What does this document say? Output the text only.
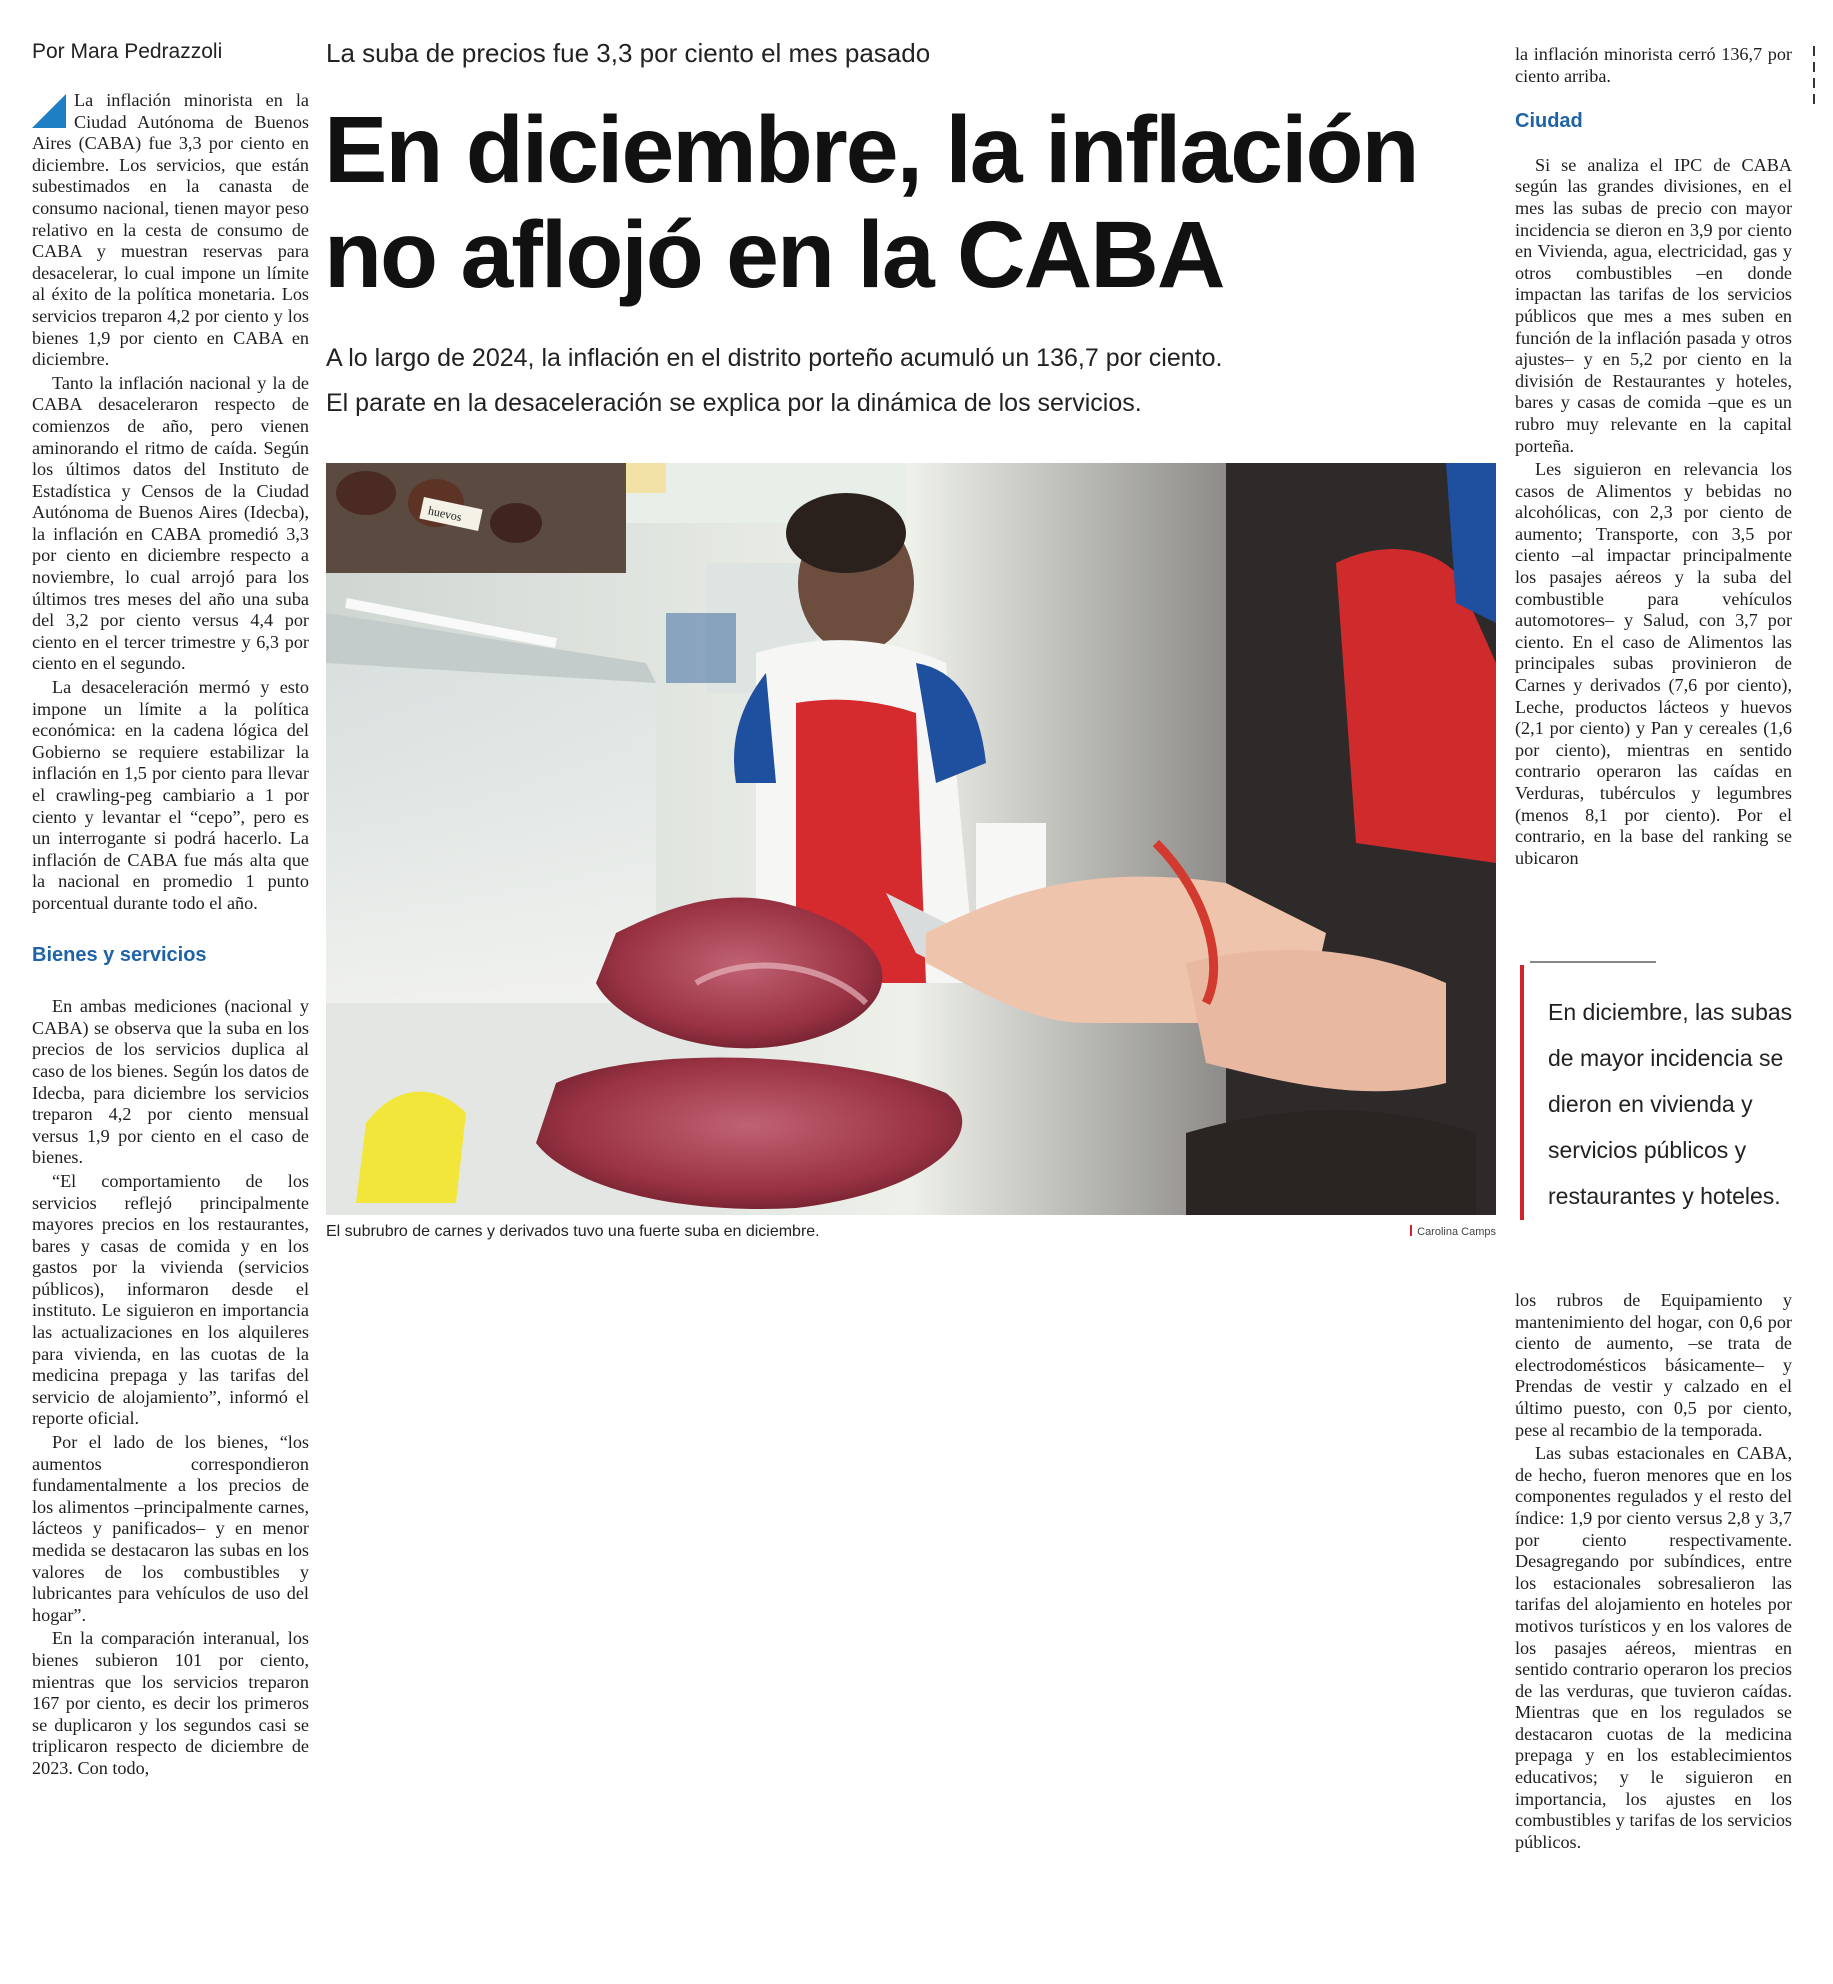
Por Mara Pedrazzoli	La suba de precios fue 3,3 por ciento el mes pasado
En diciembre, la inflación no aflojó en la CABA
A lo largo de 2024, la inflación en el distrito porteño acumuló un 136,7 por ciento.
El parate en la desaceleración se explica por la dinámica de los servicios.

La inflación minorista en la Ciudad Autónoma de Buenos Aires (CABA) fue 3,3 por ciento en diciembre. Los servicios, que están subestimados en la canasta de consumo nacional, tienen mayor peso relativo en la cesta de consumo de CABA y muestran reservas para desacelerar, lo cual impone un límite al éxito de la política monetaria. Los servicios treparon 4,2 por ciento y los bienes 1,9 por ciento en CABA en diciembre.

Tanto la inflación nacional y la de CABA desaceleraron respecto de comienzos de año, pero vienen aminorando el ritmo de caída. Según los últimos datos del Instituto de Estadística y Censos de la Ciudad Autónoma de Buenos Aires (Idecba), la inflación en CABA promedió 3,3 por ciento en diciembre respecto a noviembre, lo cual arrojó para los últimos tres meses del año una suba del 3,2 por ciento versus 4,4 por ciento en el tercer trimestre y 6,3 por ciento en el segundo.

La desaceleración mermó y esto impone un límite a la política económica: en la cadena lógica del Gobierno se requiere estabilizar la inflación en 1,5 por ciento para llevar el crawling-peg cambiario a 1 por ciento y levantar el “cepo”, pero es un interrogante si podrá hacerlo. La inflación de CABA fue más alta que la nacional en promedio 1 punto porcentual durante todo el año.

Bienes y servicios

En ambas mediciones (nacional y CABA) se observa que la suba en los precios de los servicios duplica al caso de los bienes. Según los datos de Idecba, para diciembre los servicios treparon 4,2 por ciento mensual versus 1,9 por ciento en el caso de bienes.

“El comportamiento de los servicios reflejó principalmente mayores precios en los restaurantes, bares y casas de comida y en los gastos por la vivienda (servicios públicos), informaron desde el instituto. Le siguieron en importancia las actualizaciones en los alquileres para vivienda, en las cuotas de la medicina prepaga y las tarifas del servicio de alojamiento”, informó el reporte oficial.

Por el lado de los bienes, “los aumentos correspondieron fundamentalmente a los precios de los alimentos –principalmente carnes, lácteos y panificados– y en menor medida se destacaron las subas en los valores de los combustibles y lubricantes para vehículos de uso del hogar”.

En la comparación interanual, los bienes subieron 101 por ciento, mientras que los servicios treparon 167 por ciento, es decir los primeros se duplicaron y los segundos casi se triplicaron respecto de diciembre de 2023. Con todo,

huevos
El subrubro de carnes y derivados tuvo una fuerte suba en diciembre.	Carolina Camps

la inflación minorista cerró 136,7 por ciento arriba.

Ciudad

Si se analiza el IPC de CABA según las grandes divisiones, en el mes las subas de precio con mayor incidencia se dieron en 3,9 por ciento en Vivienda, agua, electricidad, gas y otros combustibles –en donde impactan las tarifas de los servicios públicos que mes a mes suben en función de la inflación pasada y otros ajustes– y en 5,2 por ciento en la división de Restaurantes y hoteles, bares y casas de comida –que es un rubro muy relevante en la capital porteña.

Les siguieron en relevancia los casos de Alimentos y bebidas no alcohólicas, con 2,3 por ciento de aumento; Transporte, con 3,5 por ciento –al impactar principalmente los pasajes aéreos y la suba del combustible para vehículos automotores– y Salud, con 3,7 por ciento. En el caso de Alimentos las principales subas provinieron de Carnes y derivados (7,6 por ciento), Leche, productos lácteos y huevos (2,1 por ciento) y Pan y cereales (1,6 por ciento), mientras en sentido contrario operaron las caídas en Verduras, tubérculos y legumbres (menos 8,1 por ciento). Por el contrario, en la base del ranking se ubicaron

En diciembre, las subas de mayor incidencia se dieron en vivienda y servicios públicos y restaurantes y hoteles.

los rubros de Equipamiento y mantenimiento del hogar, con 0,6 por ciento de aumento, –se trata de electrodomésticos básicamente– y Prendas de vestir y calzado en el último puesto, con 0,5 por ciento, pese al recambio de la temporada.

Las subas estacionales en CABA, de hecho, fueron menores que en los componentes regulados y el resto del índice: 1,9 por ciento versus 2,8 y 3,7 por ciento respectivamente. Desagregando por subíndices, entre los estacionales sobresalieron las tarifas del alojamiento en hoteles por motivos turísticos y en los valores de los pasajes aéreos, mientras en sentido contrario operaron los precios de las verduras, que tuvieron caídas. Mientras que en los regulados se destacaron cuotas de la medicina prepaga y en los establecimientos educativos; y le siguieron en importancia, los ajustes en los combustibles y tarifas de los servicios públicos.
